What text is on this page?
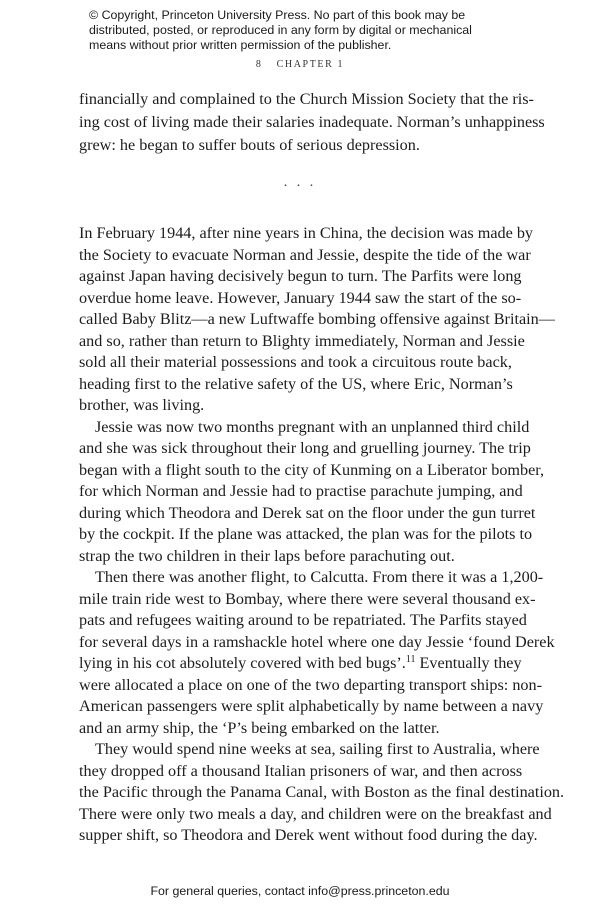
© Copyright, Princeton University Press. No part of this book may be
distributed, posted, or reproduced in any form by digital or mechanical
means without prior written permission of the publisher.
8 CHAPTER 1
financially and complained to the Church Mission Society that the ris-
ing cost of living made their salaries inadequate. Norman’s unhappiness
grew: he began to suffer bouts of serious depression.
. . .
In February 1944, after nine years in China, the decision was made by
the Society to evacuate Norman and Jessie, despite the tide of the war
against Japan having decisively begun to turn. The Parfits were long
overdue home leave. However, January 1944 saw the start of the so-
called Baby Blitz—a new Luftwaffe bombing offensive against Britain—
and so, rather than return to Blighty immediately, Norman and Jessie
sold all their material possessions and took a circuitous route back,
heading first to the relative safety of the US, where Eric, Norman’s
brother, was living.
Jessie was now two months pregnant with an unplanned third child
and she was sick throughout their long and gruelling journey. The trip
began with a flight south to the city of Kunming on a Liberator bomber,
for which Norman and Jessie had to practise parachute jumping, and
during which Theodora and Derek sat on the floor under the gun turret
by the cockpit. If the plane was attacked, the plan was for the pilots to
strap the two children in their laps before parachuting out.
Then there was another flight, to Calcutta. From there it was a 1,200-
mile train ride west to Bombay, where there were several thousand ex-
pats and refugees waiting around to be repatriated. The Parfits stayed
for several days in a ramshackle hotel where one day Jessie ‘found Derek
lying in his cot absolutely covered with bed bugs’.$^{11}$ Eventually they
were allocated a place on one of the two departing transport ships: non-
American passengers were split alphabetically by name between a navy
and an army ship, the ‘P’s being embarked on the latter.
They would spend nine weeks at sea, sailing first to Australia, where
they dropped off a thousand Italian prisoners of war, and then across
the Pacific through the Panama Canal, with Boston as the final destination.
There were only two meals a day, and children were on the breakfast and
supper shift, so Theodora and Derek went without food during the day.
For general queries, contact info@press.princeton.edu
